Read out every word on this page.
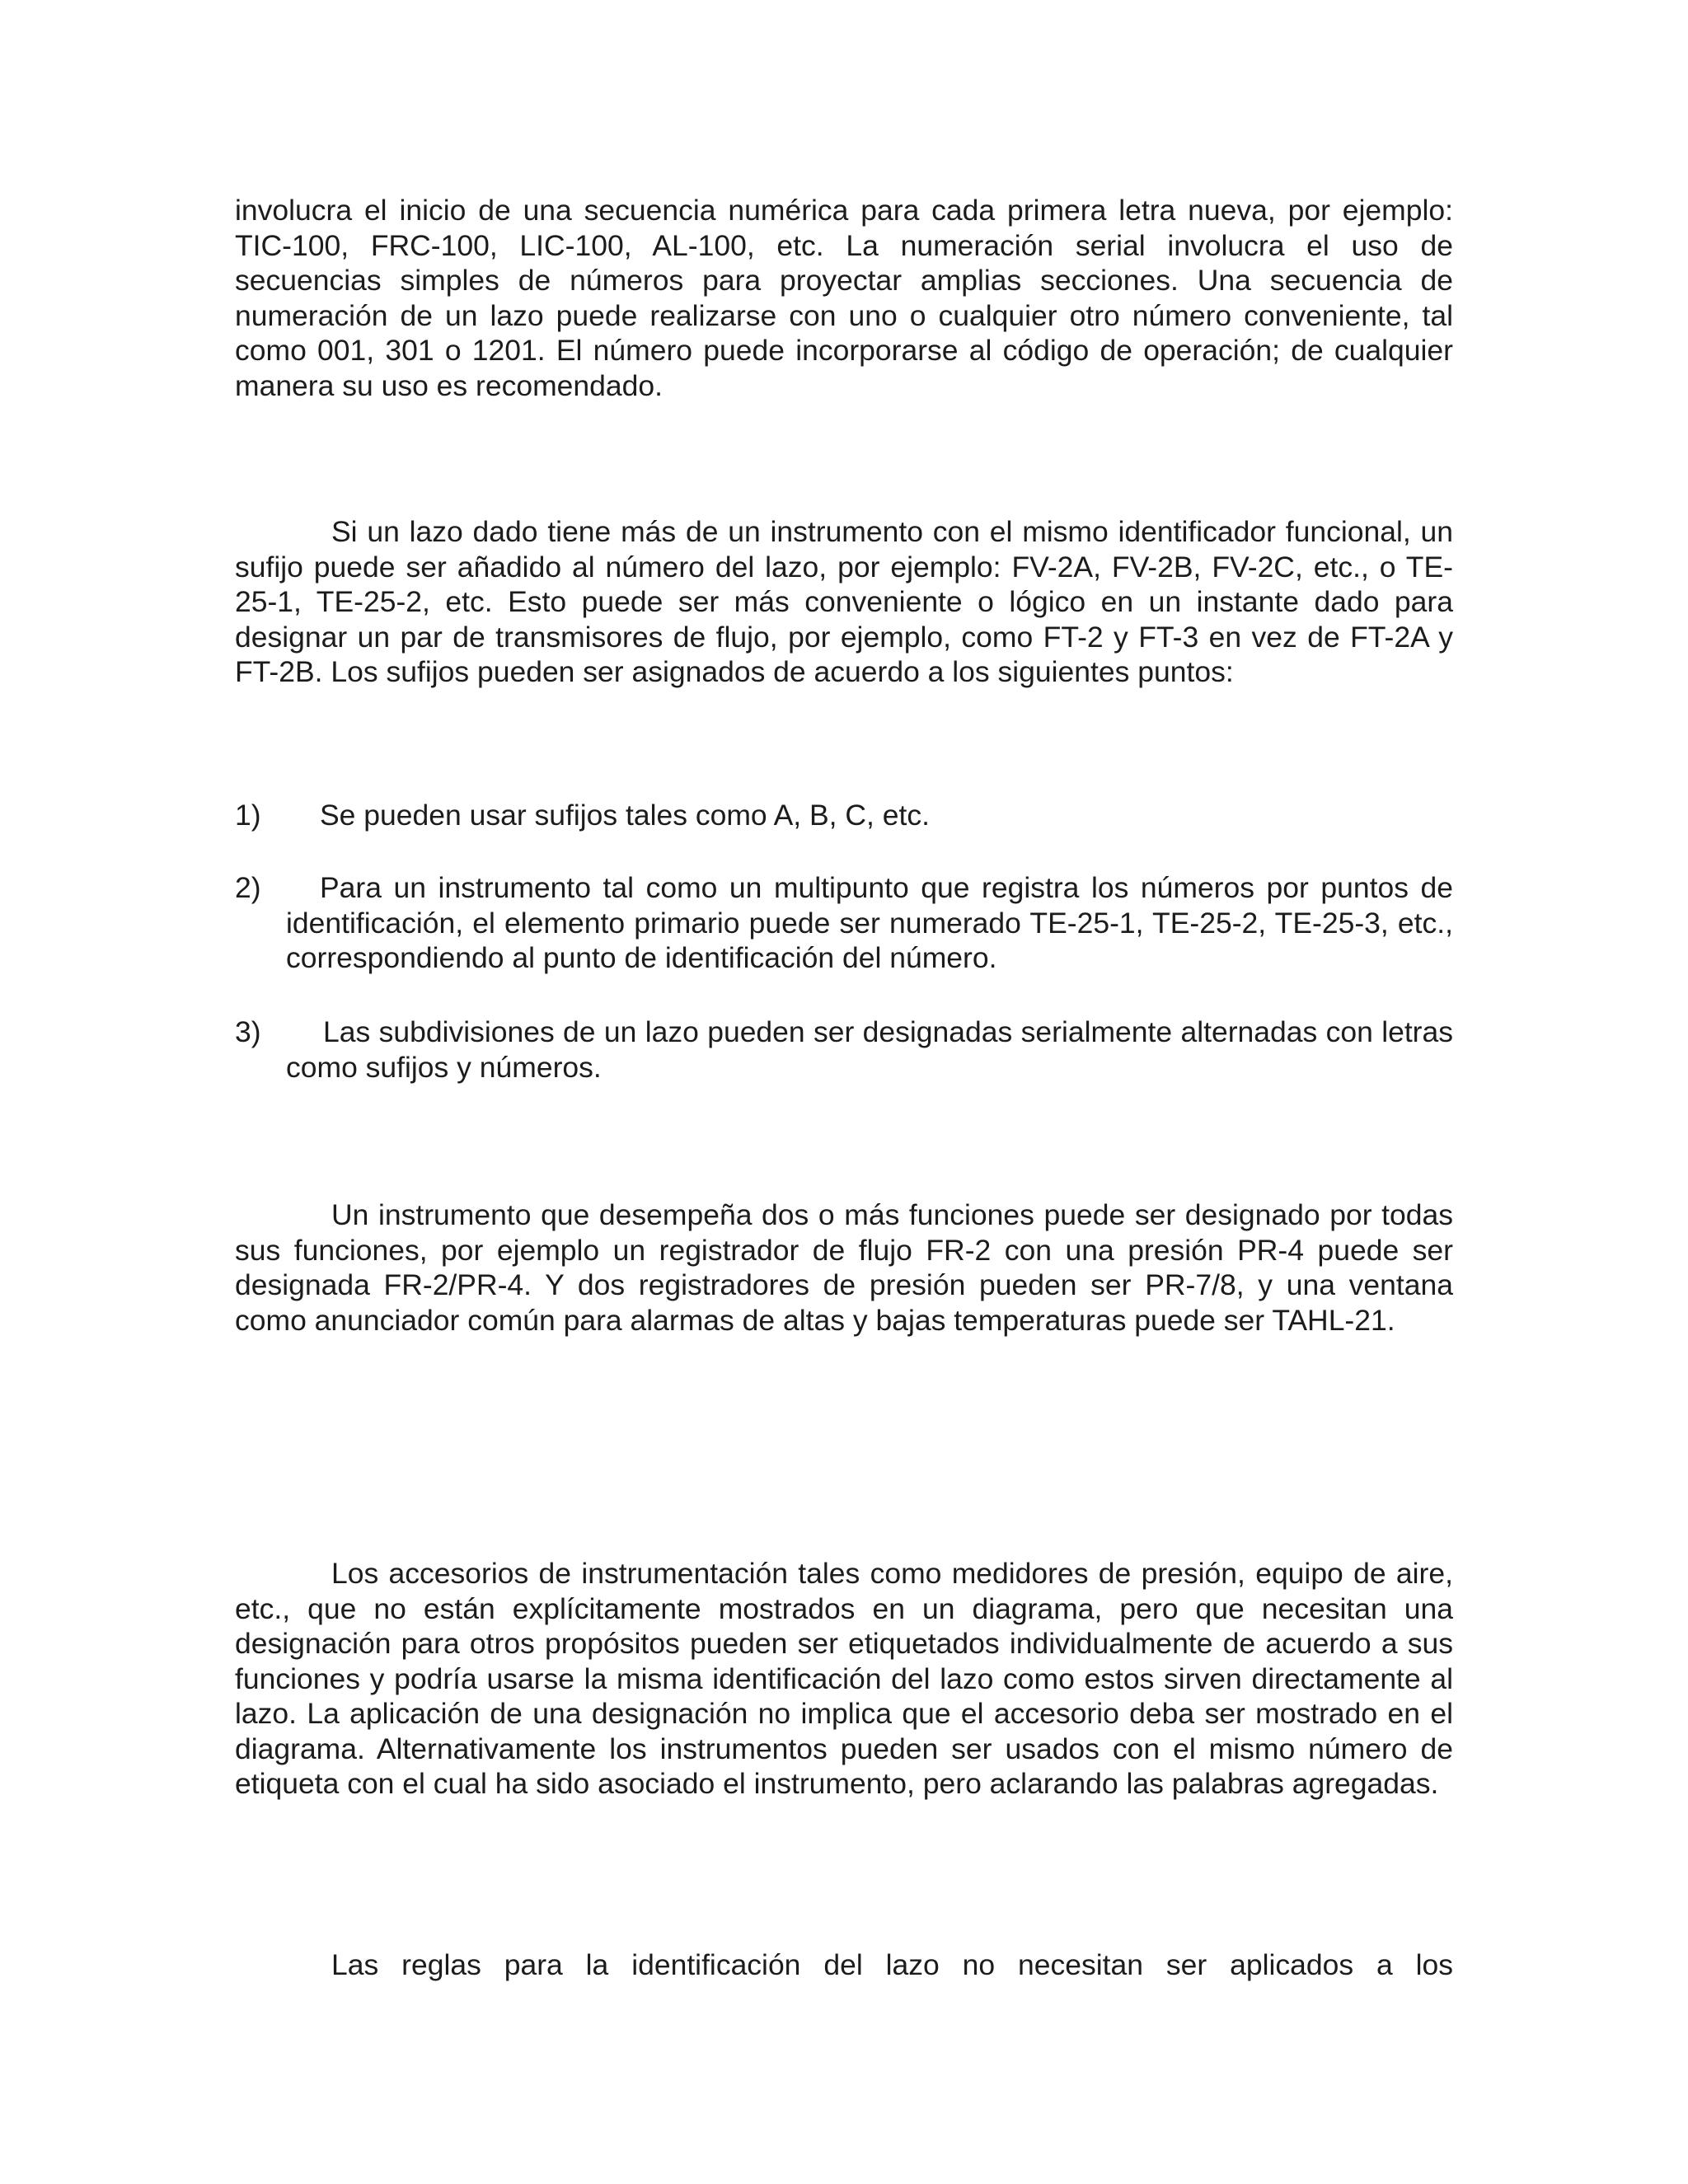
involucra el inicio de una secuencia numérica para cada primera letra nueva, por ejemplo: TIC-100, FRC-100, LIC-100, AL-100, etc. La numeración serial involucra el uso de secuencias simples de números para proyectar amplias secciones. Una secuencia de numeración de un lazo puede realizarse con uno o cualquier otro número conveniente, tal como 001, 301 o 1201. El número puede incorporarse al código de operación; de cualquier manera su uso es recomendado.

Si un lazo dado tiene más de un instrumento con el mismo identificador funcional, un sufijo puede ser añadido al número del lazo, por ejemplo: FV-2A, FV-2B, FV-2C, etc., o TE-25-1, TE-25-2, etc. Esto puede ser más conveniente o lógico en un instante dado para designar un par de transmisores de flujo, por ejemplo, como FT-2 y FT-3 en vez de FT-2A y FT-2B. Los sufijos pueden ser asignados de acuerdo a los siguientes puntos:

1)	Se pueden usar sufijos tales como A, B, C, etc.
2)	Para un instrumento tal como un multipunto que registra los números por puntos de identificación, el elemento primario puede ser numerado TE-25-1, TE-25-2, TE-25-3, etc., correspondiendo al punto de identificación del número.
3)	Las subdivisiones de un lazo pueden ser designadas serialmente alternadas con letras como sufijos y números.

Un instrumento que desempeña dos o más funciones puede ser designado por todas sus funciones, por ejemplo un registrador de flujo FR-2 con una presión PR-4 puede ser designada FR-2/PR-4. Y dos registradores de presión pueden ser PR-7/8, y una ventana como anunciador común para alarmas de altas y bajas temperaturas puede ser TAHL-21.

Los accesorios de instrumentación tales como medidores de presión, equipo de aire, etc., que no están explícitamente mostrados en un diagrama, pero que necesitan una designación para otros propósitos pueden ser etiquetados individualmente de acuerdo a sus funciones y podría usarse la misma identificación del lazo como estos sirven directamente al lazo. La aplicación de una designación no implica que el accesorio deba ser mostrado en el diagrama. Alternativamente los instrumentos pueden ser usados con el mismo número de etiqueta con el cual ha sido asociado el instrumento, pero aclarando las palabras agregadas.

Las reglas para la identificación del lazo no necesitan ser aplicados a los
